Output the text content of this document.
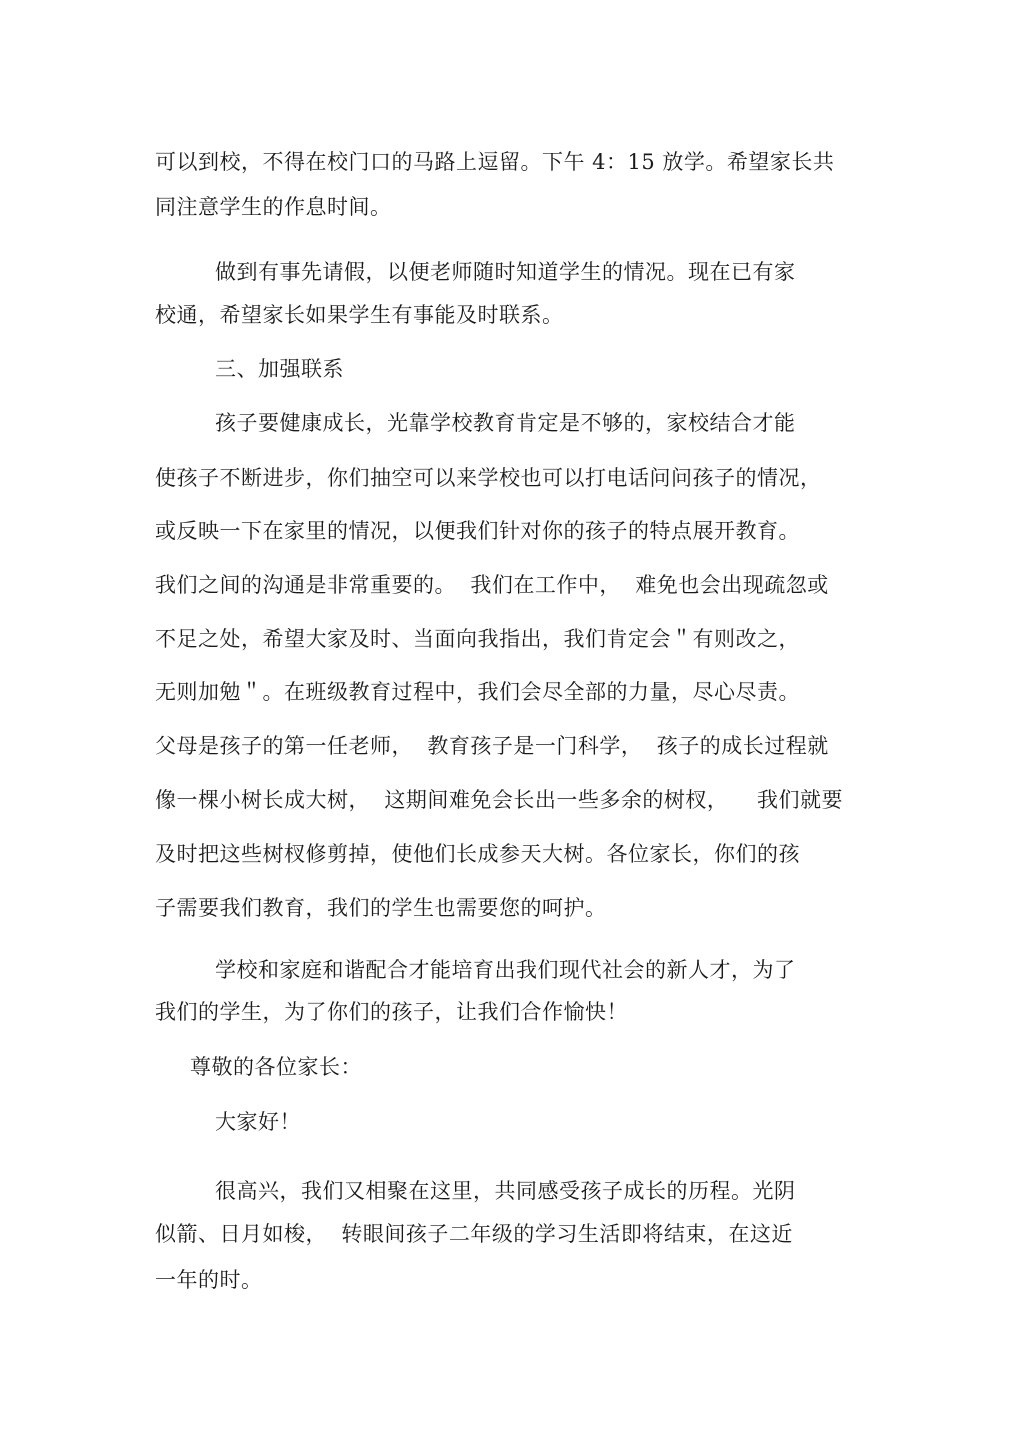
可以到校，不得在校门口的马路上逗留。下午 4：15 放学。希望家长共
同注意学生的作息时间。
做到有事先请假，以便老师随时知道学生的情况。现在已有家
校通，希望家长如果学生有事能及时联系。
三、加强联系
孩子要健康成长，光靠学校教育肯定是不够的，家校结合才能
使孩子不断进步，你们抽空可以来学校也可以打电话问问孩子的情况，
或反映一下在家里的情况，以便我们针对你的孩子的特点展开教育。
我们之间的沟通是非常重要的。  我们在工作中，  难免也会出现疏忽或
不足之处，希望大家及时、当面向我指出，我们肯定会＂有则改之，
无则加勉＂。在班级教育过程中，我们会尽全部的力量，尽心尽责。
父母是孩子的第一任老师，  教育孩子是一门科学，  孩子的成长过程就
像一棵小树长成大树，  这期间难免会长出一些多余的树杈，    我们就要
及时把这些树杈修剪掉，使他们长成参天大树。各位家长，你们的孩
子需要我们教育，我们的学生也需要您的呵护。
学校和家庭和谐配合才能培育出我们现代社会的新人才，为了
我们的学生，为了你们的孩子，让我们合作愉快！
尊敬的各位家长：
大家好！
很高兴，我们又相聚在这里，共同感受孩子成长的历程。光阴
似箭、日月如梭，  转眼间孩子二年级的学习生活即将结束，在这近
一年的时。
